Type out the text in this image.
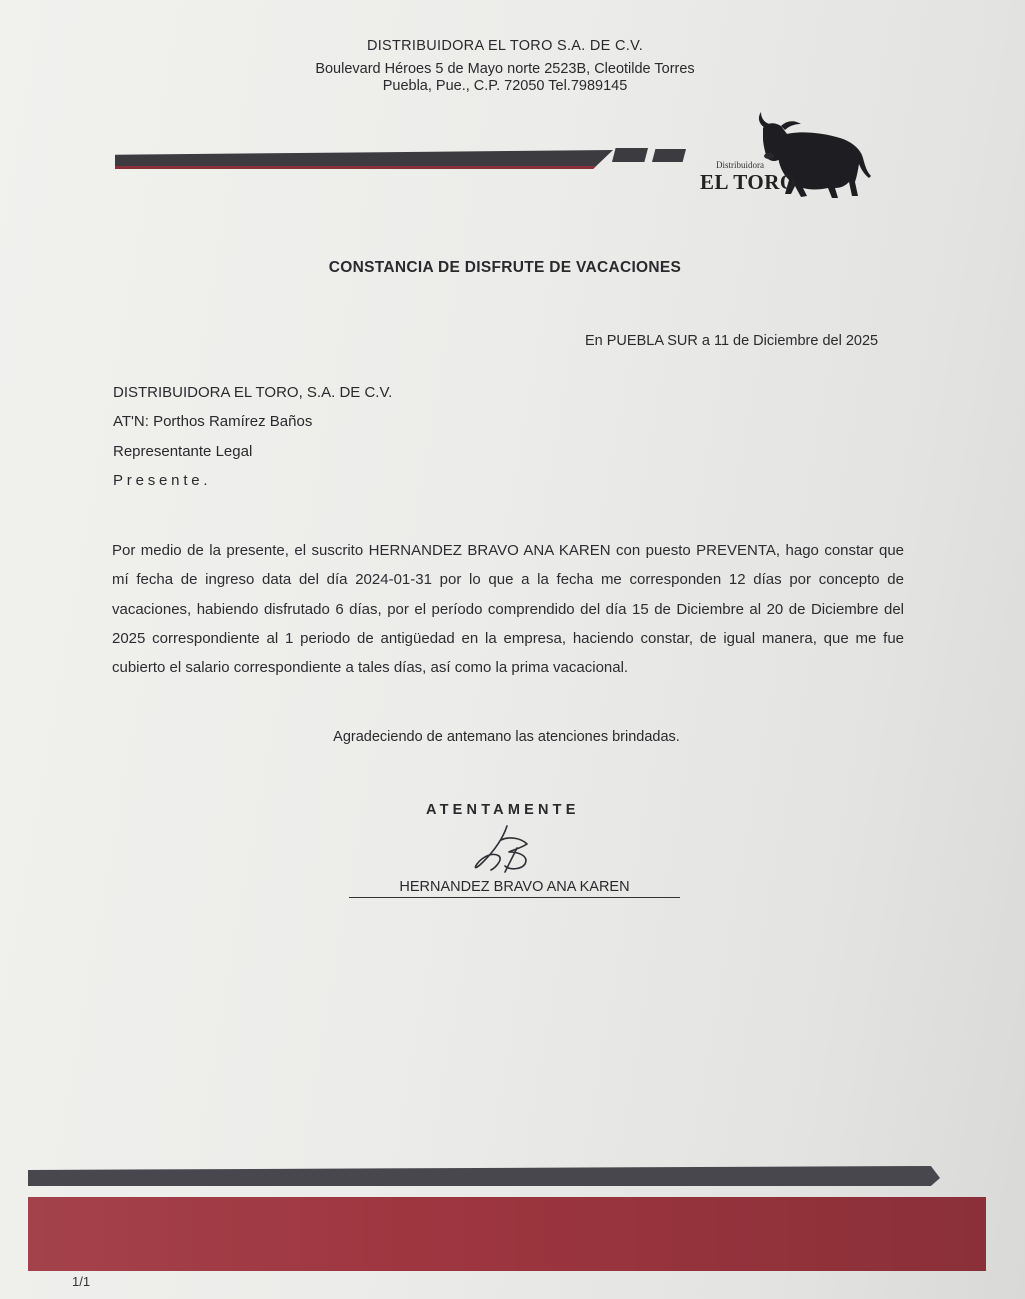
DISTRIBUIDORA EL TORO S.A. DE C.V.
Boulevard Héroes 5 de Mayo norte 2523B, Cleotilde Torres
Puebla, Pue., C.P. 72050 Tel.7989145
Distribuidora
EL TORO
CONSTANCIA DE DISFRUTE DE VACACIONES
En PUEBLA SUR a 11 de Diciembre del 2025
DISTRIBUIDORA EL TORO, S.A. DE C.V.
AT'N: Porthos Ramírez Baños
Representante Legal
Presente.
Por medio de la presente, el suscrito HERNANDEZ BRAVO ANA KAREN con puesto PREVENTA, hago constar que mí fecha de ingreso data del día 2024-01-31 por lo que a la fecha me corresponden 12 días por concepto de vacaciones, habiendo disfrutado 6 días, por el período comprendido del día 15 de Diciembre al 20 de Diciembre del 2025 correspondiente al 1 periodo de antigüedad en la empresa, haciendo constar, de igual manera, que me fue cubierto el salario correspondiente a tales días, así como la prima vacacional.
Agradeciendo de antemano las atenciones brindadas.
ATENTAMENTE
HERNANDEZ BRAVO ANA KAREN
1/1
